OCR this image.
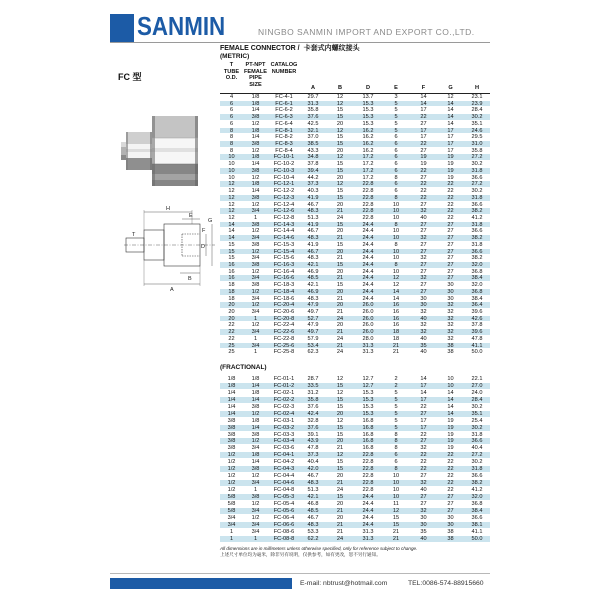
SANMIN	NINGBO SANMIN IMPORT AND EXPORT CO.,LTD.
FEMALE CONNECTOR / 卡套式内螺纹接头
(METRIC)
FC 型
H
E
T
F
G
D
B
A
T
TUBE
O.D.
PT-NPT
FEMALE
PIPE
SIZE
CATALOG
NUMBER
A	B	D	E	F	G	H
4	1/8	FC-4-1	29.7	12	13.7	3	14	12	23.1
6	1/8	FC-6-1	31.3	12	15.3	5	14	14	23.9
6	1/4	FC-6-2	35.8	15	15.3	5	17	14	28.4
6	3/8	FC-6-3	37.6	15	15.3	5	22	14	30.2
6	1/2	FC-6-4	42.5	20	15.3	5	27	14	35.1
8	1/8	FC-8-1	32.1	12	16.2	5	17	17	24.6
8	1/4	FC-8-2	37.0	15	16.2	6	17	17	29.5
8	3/8	FC-8-3	38.5	15	16.2	6	22	17	31.0
8	1/2	FC-8-4	43.3	20	16.2	6	27	17	35.8
10	1/8	FC-10-1	34.8	12	17.2	6	19	19	27.2
10	1/4	FC-10-2	37.8	15	17.2	6	19	19	30.2
10	3/8	FC-10-3	39.4	15	17.2	6	22	19	31.8
10	1/2	FC-10-4	44.2	20	17.2	8	27	19	36.6
12	1/8	FC-12-1	37.3	12	22.8	6	22	22	27.2
12	1/4	FC-12-2	40.3	15	22.8	6	22	22	30.2
12	3/8	FC-12-3	41.9	15	22.8	8	22	22	31.8
12	1/2	FC-12-4	46.7	20	22.8	10	27	22	36.6
12	3/4	FC-12-6	48.3	21	22.8	10	32	22	38.2
12	1	FC-12-8	51.3	24	22.8	10	40	22	41.2
14	3/8	FC-14-3	41.9	15	24.4	8	27	27	31.8
14	1/2	FC-14-4	46.7	20	24.4	10	27	27	36.6
14	3/4	FC-14-6	48.3	21	24.4	10	32	27	38.2
15	3/8	FC-15-3	41.9	15	24.4	8	27	27	31.8
15	1/2	FC-15-4	46.7	20	24.4	10	27	27	36.6
15	3/4	FC-15-6	48.3	21	24.4	10	32	27	38.2
16	3/8	FC-16-3	42.1	15	24.4	8	27	27	32.0
16	1/2	FC-16-4	46.9	20	24.4	10	27	27	36.8
16	3/4	FC-16-6	48.5	21	24.4	12	32	27	38.4
18	3/8	FC-18-3	42.1	15	24.4	12	27	30	32.0
18	1/2	FC-18-4	46.9	20	24.4	14	27	30	36.8
18	3/4	FC-18-6	48.3	21	24.4	14	30	30	38.4
20	1/2	FC-20-4	47.9	20	26.0	16	30	32	36.4
20	3/4	FC-20-6	49.7	21	26.0	16	32	32	39.6
20	1	FC-20-8	52.7	24	26.0	16	40	32	42.6
22	1/2	FC-22-4	47.9	20	26.0	16	32	32	37.8
22	3/4	FC-22-6	49.7	21	26.0	18	32	32	39.6
22	1	FC-22-8	57.9	24	28.0	18	40	32	47.8
25	3/4	FC-25-6	53.4	21	31.3	21	35	38	41.1
25	1	FC-25-8	62.3	24	31.3	21	40	38	50.0
(FRACTIONAL)
1/8	1/8	FC-01-1	28.7	12	12.7	2	14	10	22.1
1/8	1/4	FC-01-2	33.5	15	12.7	2	17	10	27.0
1/4	1/8	FC-02-1	31.2	12	15.3	5	14	14	24.0
1/4	1/4	FC-02-2	35.8	15	15.3	5	17	14	28.4
1/4	3/8	FC-02-3	37.6	15	15.3	5	22	14	30.2
1/4	1/2	FC-02-4	42.4	20	15.3	5	27	14	35.1
3/8	1/8	FC-03-1	32.8	12	16.8	5	17	19	25.4
3/8	1/4	FC-03-2	37.6	15	16.8	5	17	19	30.2
3/8	3/8	FC-03-3	39.1	15	16.8	8	22	19	31.8
3/8	1/2	FC-03-4	43.9	20	16.8	8	27	19	36.6
3/8	3/4	FC-03-6	47.8	21	16.8	8	32	19	40.4
1/2	1/8	FC-04-1	37.3	12	22.8	6	22	22	27.2
1/2	1/4	FC-04-2	40.4	15	22.8	6	22	22	30.2
1/2	3/8	FC-04-3	42.0	15	22.8	8	22	22	31.8
1/2	1/2	FC-04-4	46.7	20	22.8	10	27	22	36.6
1/2	3/4	FC-04-6	48.3	21	22.8	10	32	22	38.2
1/2	1	FC-04-8	51.3	24	22.8	10	40	22	41.2
5/8	3/8	FC-05-3	42.1	15	24.4	10	27	27	32.0
5/8	1/2	FC-05-4	46.8	20	24.4	11	27	27	36.8
5/8	3/4	FC-05-6	48.5	21	24.4	12	32	27	38.4
3/4	1/2	FC-06-4	46.7	20	24.4	15	30	30	36.6
3/4	3/4	FC-06-6	48.3	21	24.4	15	30	30	38.1
1	3/4	FC-08-6	53.3	21	31.3	21	35	38	41.1
1	1	FC-08-8	62.2	24	31.3	21	40	38	50.0
All dimensions are in millimeters unless otherwise specified, only for reference subject to change.
上述尺寸单位均为毫米，除非另有说明，仅供参考，如有更改，恕不另行通知。
E-mail: nbtrust@hotmail.com	TEL:0086-574-88915660
